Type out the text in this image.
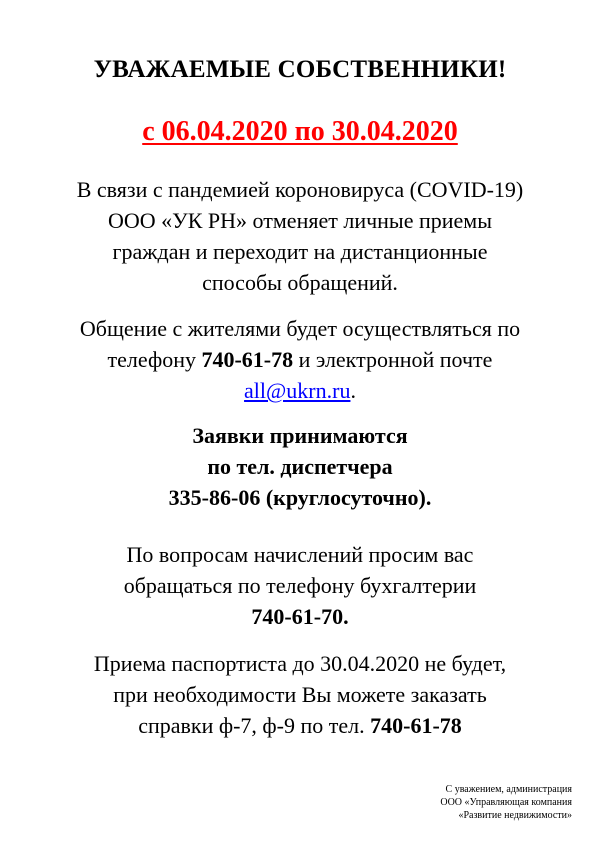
УВАЖАЕМЫЕ СОБСТВЕННИКИ!
с 06.04.2020 по 30.04.2020
В связи с пандемией короновируса (COVID-19)
ООО «УК РН» отменяет личные приемы
граждан и переходит на дистанционные
способы обращений.
Общение с жителями будет осуществляться по
телефону 740-61-78 и электронной почте
all@ukrn.ru.
Заявки принимаются
по тел. диспетчера
335-86-06 (круглосуточно).
По вопросам начислений просим вас
обращаться по телефону бухгалтерии
740-61-70.
Приема паспортиста до 30.04.2020 не будет,
при необходимости Вы можете заказать
справки ф-7, ф-9 по тел. 740-61-78
С уважением, администрация
ООО «Управляющая компания
«Развитие недвижимости»
